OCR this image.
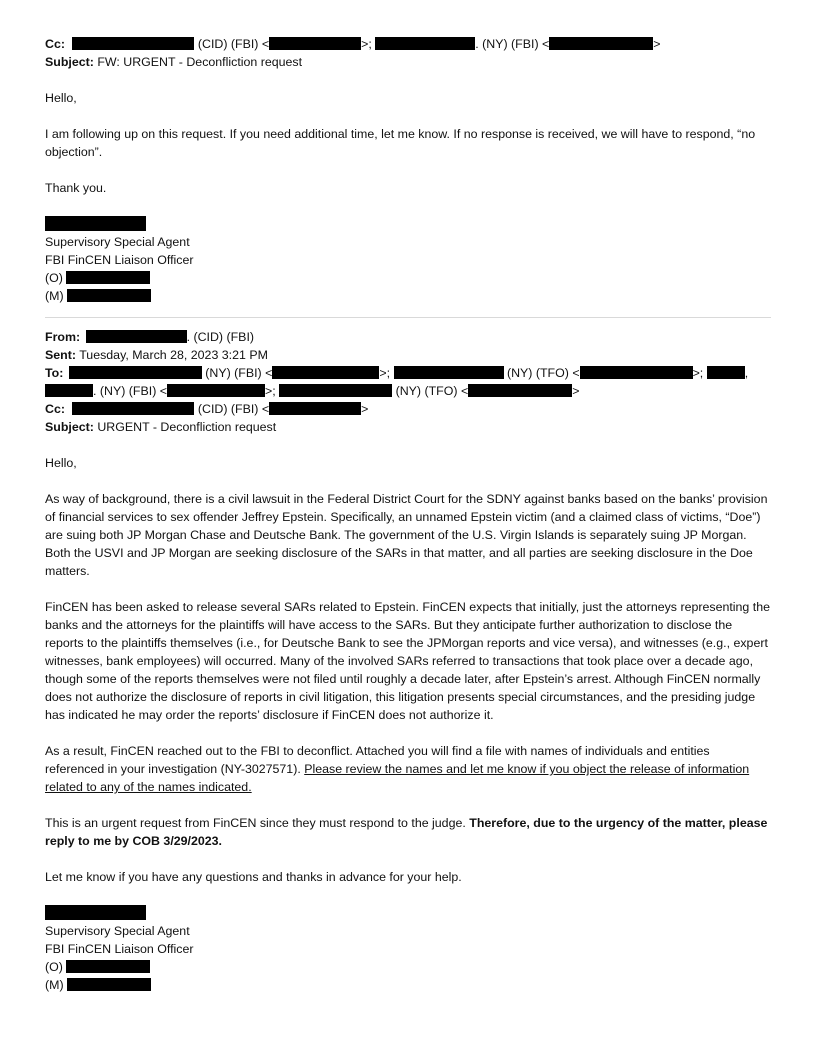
Cc:	(CID) (FBI) <	>;	. (NY) (FBI) <	>
Subject: FW: URGENT - Deconfliction request

Hello,

I am following up on this request. If you need additional time, let me know. If no response is received, we will have to respond, “no objection”.

Thank you.

Supervisory Special Agent
FBI FinCEN Liaison Officer
(O)
(M)
From:	. (CID) (FBI)
Sent: Tuesday, March 28, 2023 3:21 PM
To:	(NY) (FBI) <	>;	(NY) (TFO) <	>;	,
. (NY) (FBI) <	>;	(NY) (TFO) <	>
Cc:	(CID) (FBI) <	>
Subject: URGENT - Deconfliction request

Hello,

As way of background, there is a civil lawsuit in the Federal District Court for the SDNY against banks based on the banks’ provision of financial services to sex offender Jeffrey Epstein. Specifically, an unnamed Epstein victim (and a claimed class of victims, “Doe”) are suing both JP Morgan Chase and Deutsche Bank. The government of the U.S. Virgin Islands is separately suing JP Morgan. Both the USVI and JP Morgan are seeking disclosure of the SARs in that matter, and all parties are seeking disclosure in the Doe matters.

FinCEN has been asked to release several SARs related to Epstein. FinCEN expects that initially, just the attorneys representing the banks and the attorneys for the plaintiffs will have access to the SARs. But they anticipate further authorization to disclose the reports to the plaintiffs themselves (i.e., for Deutsche Bank to see the JPMorgan reports and vice versa), and witnesses (e.g., expert witnesses, bank employees) will occurred. Many of the involved SARs referred to transactions that took place over a decade ago, though some of the reports themselves were not filed until roughly a decade later, after Epstein’s arrest. Although FinCEN normally does not authorize the disclosure of reports in civil litigation, this litigation presents special circumstances, and the presiding judge has indicated he may order the reports’ disclosure if FinCEN does not authorize it.

As a result, FinCEN reached out to the FBI to deconflict. Attached you will find a file with names of individuals and entities referenced in your investigation (NY-3027571). Please review the names and let me know if you object the release of information related to any of the names indicated.

This is an urgent request from FinCEN since they must respond to the judge. Therefore, due to the urgency of the matter, please reply to me by COB 3/29/2023.

Let me know if you have any questions and thanks in advance for your help.

Supervisory Special Agent
FBI FinCEN Liaison Officer
(O)
(M)
